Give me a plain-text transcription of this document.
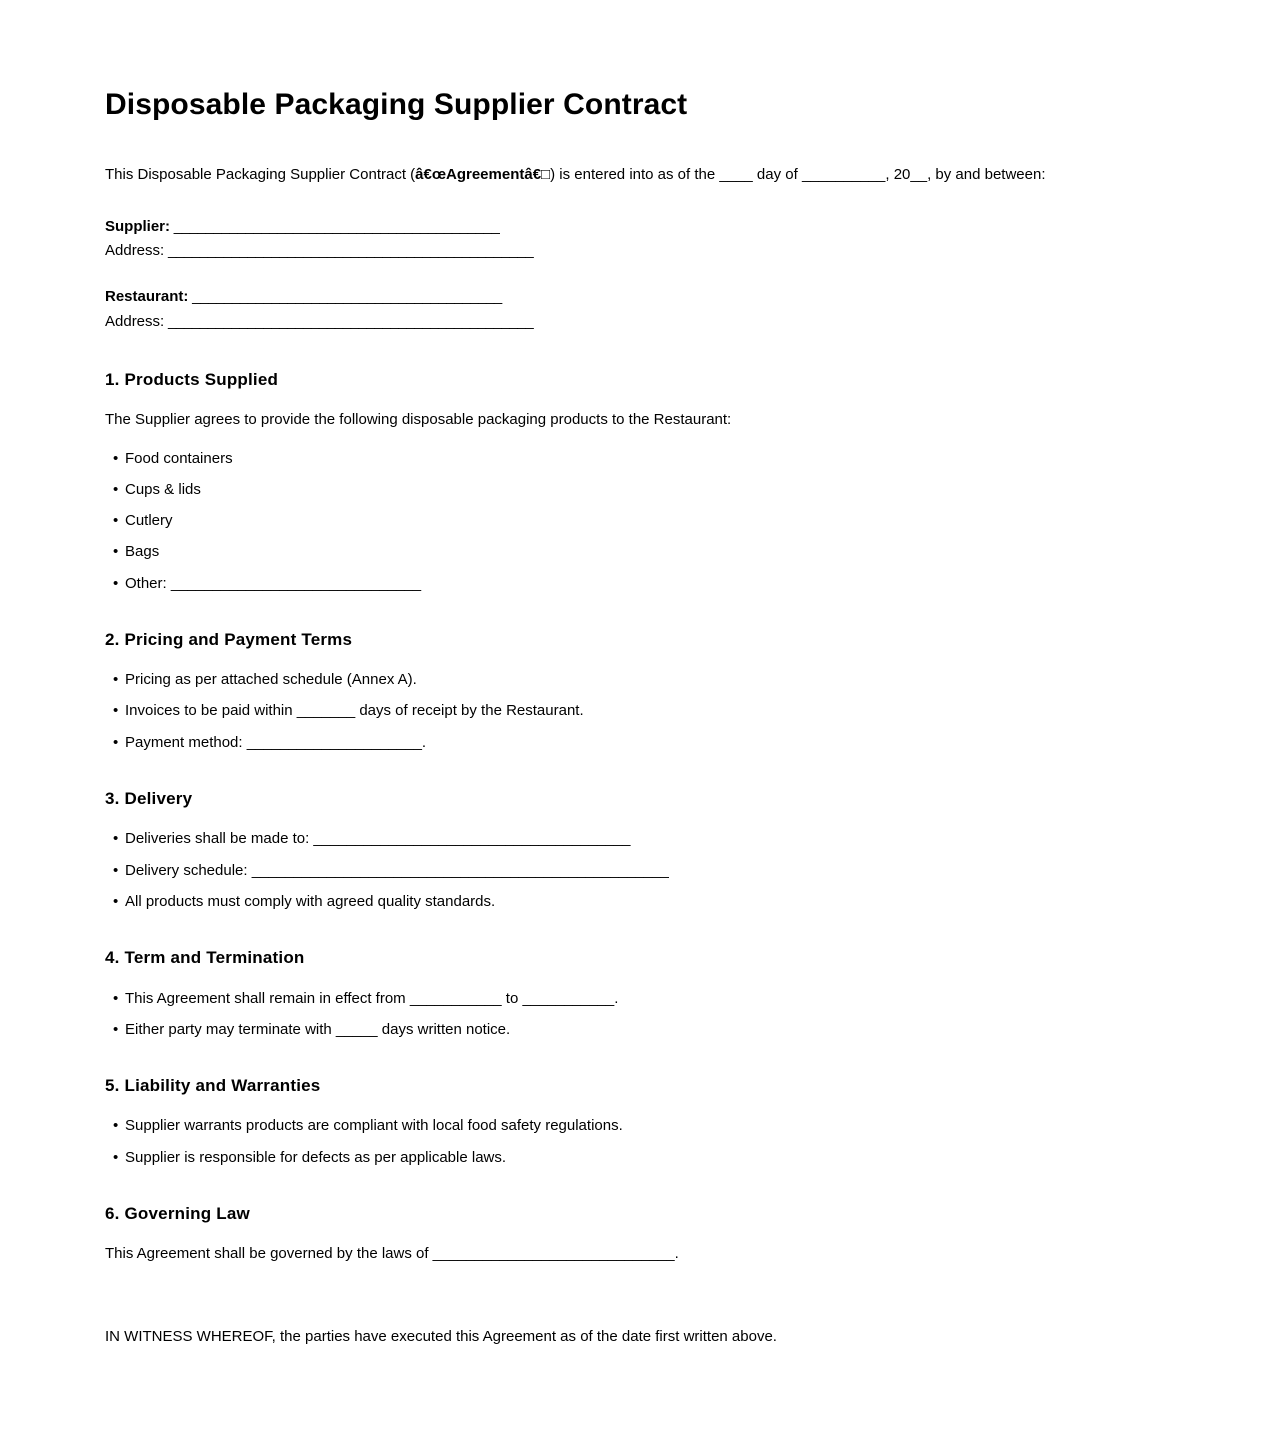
Disposable Packaging Supplier Contract

This Disposable Packaging Supplier Contract (â€œAgreementâ€□) is entered into as of the ____ day of __________, 20__, by and between:

Supplier: _________________________________________
Address: ______________________________________________
Restaurant: _______________________________________
Address: ______________________________________________
1. Products Supplied

The Supplier agrees to provide the following disposable packaging products to the Restaurant:

• Food containers
• Cups & lids
• Cutlery
• Bags
• Other: ______________________________
2. Pricing and Payment Terms
• Pricing as per attached schedule (Annex A).
• Invoices to be paid within _______ days of receipt by the Restaurant.
• Payment method: _____________________.
3. Delivery
• Deliveries shall be made to: ______________________________________
• Delivery schedule: __________________________________________________
• All products must comply with agreed quality standards.
4. Term and Termination
• This Agreement shall remain in effect from ___________ to ___________.
• Either party may terminate with _____ days written notice.
5. Liability and Warranties
• Supplier warrants products are compliant with local food safety regulations.
• Supplier is responsible for defects as per applicable laws.
6. Governing Law

This Agreement shall be governed by the laws of _____________________________.

IN WITNESS WHEREOF, the parties have executed this Agreement as of the date first written above.
